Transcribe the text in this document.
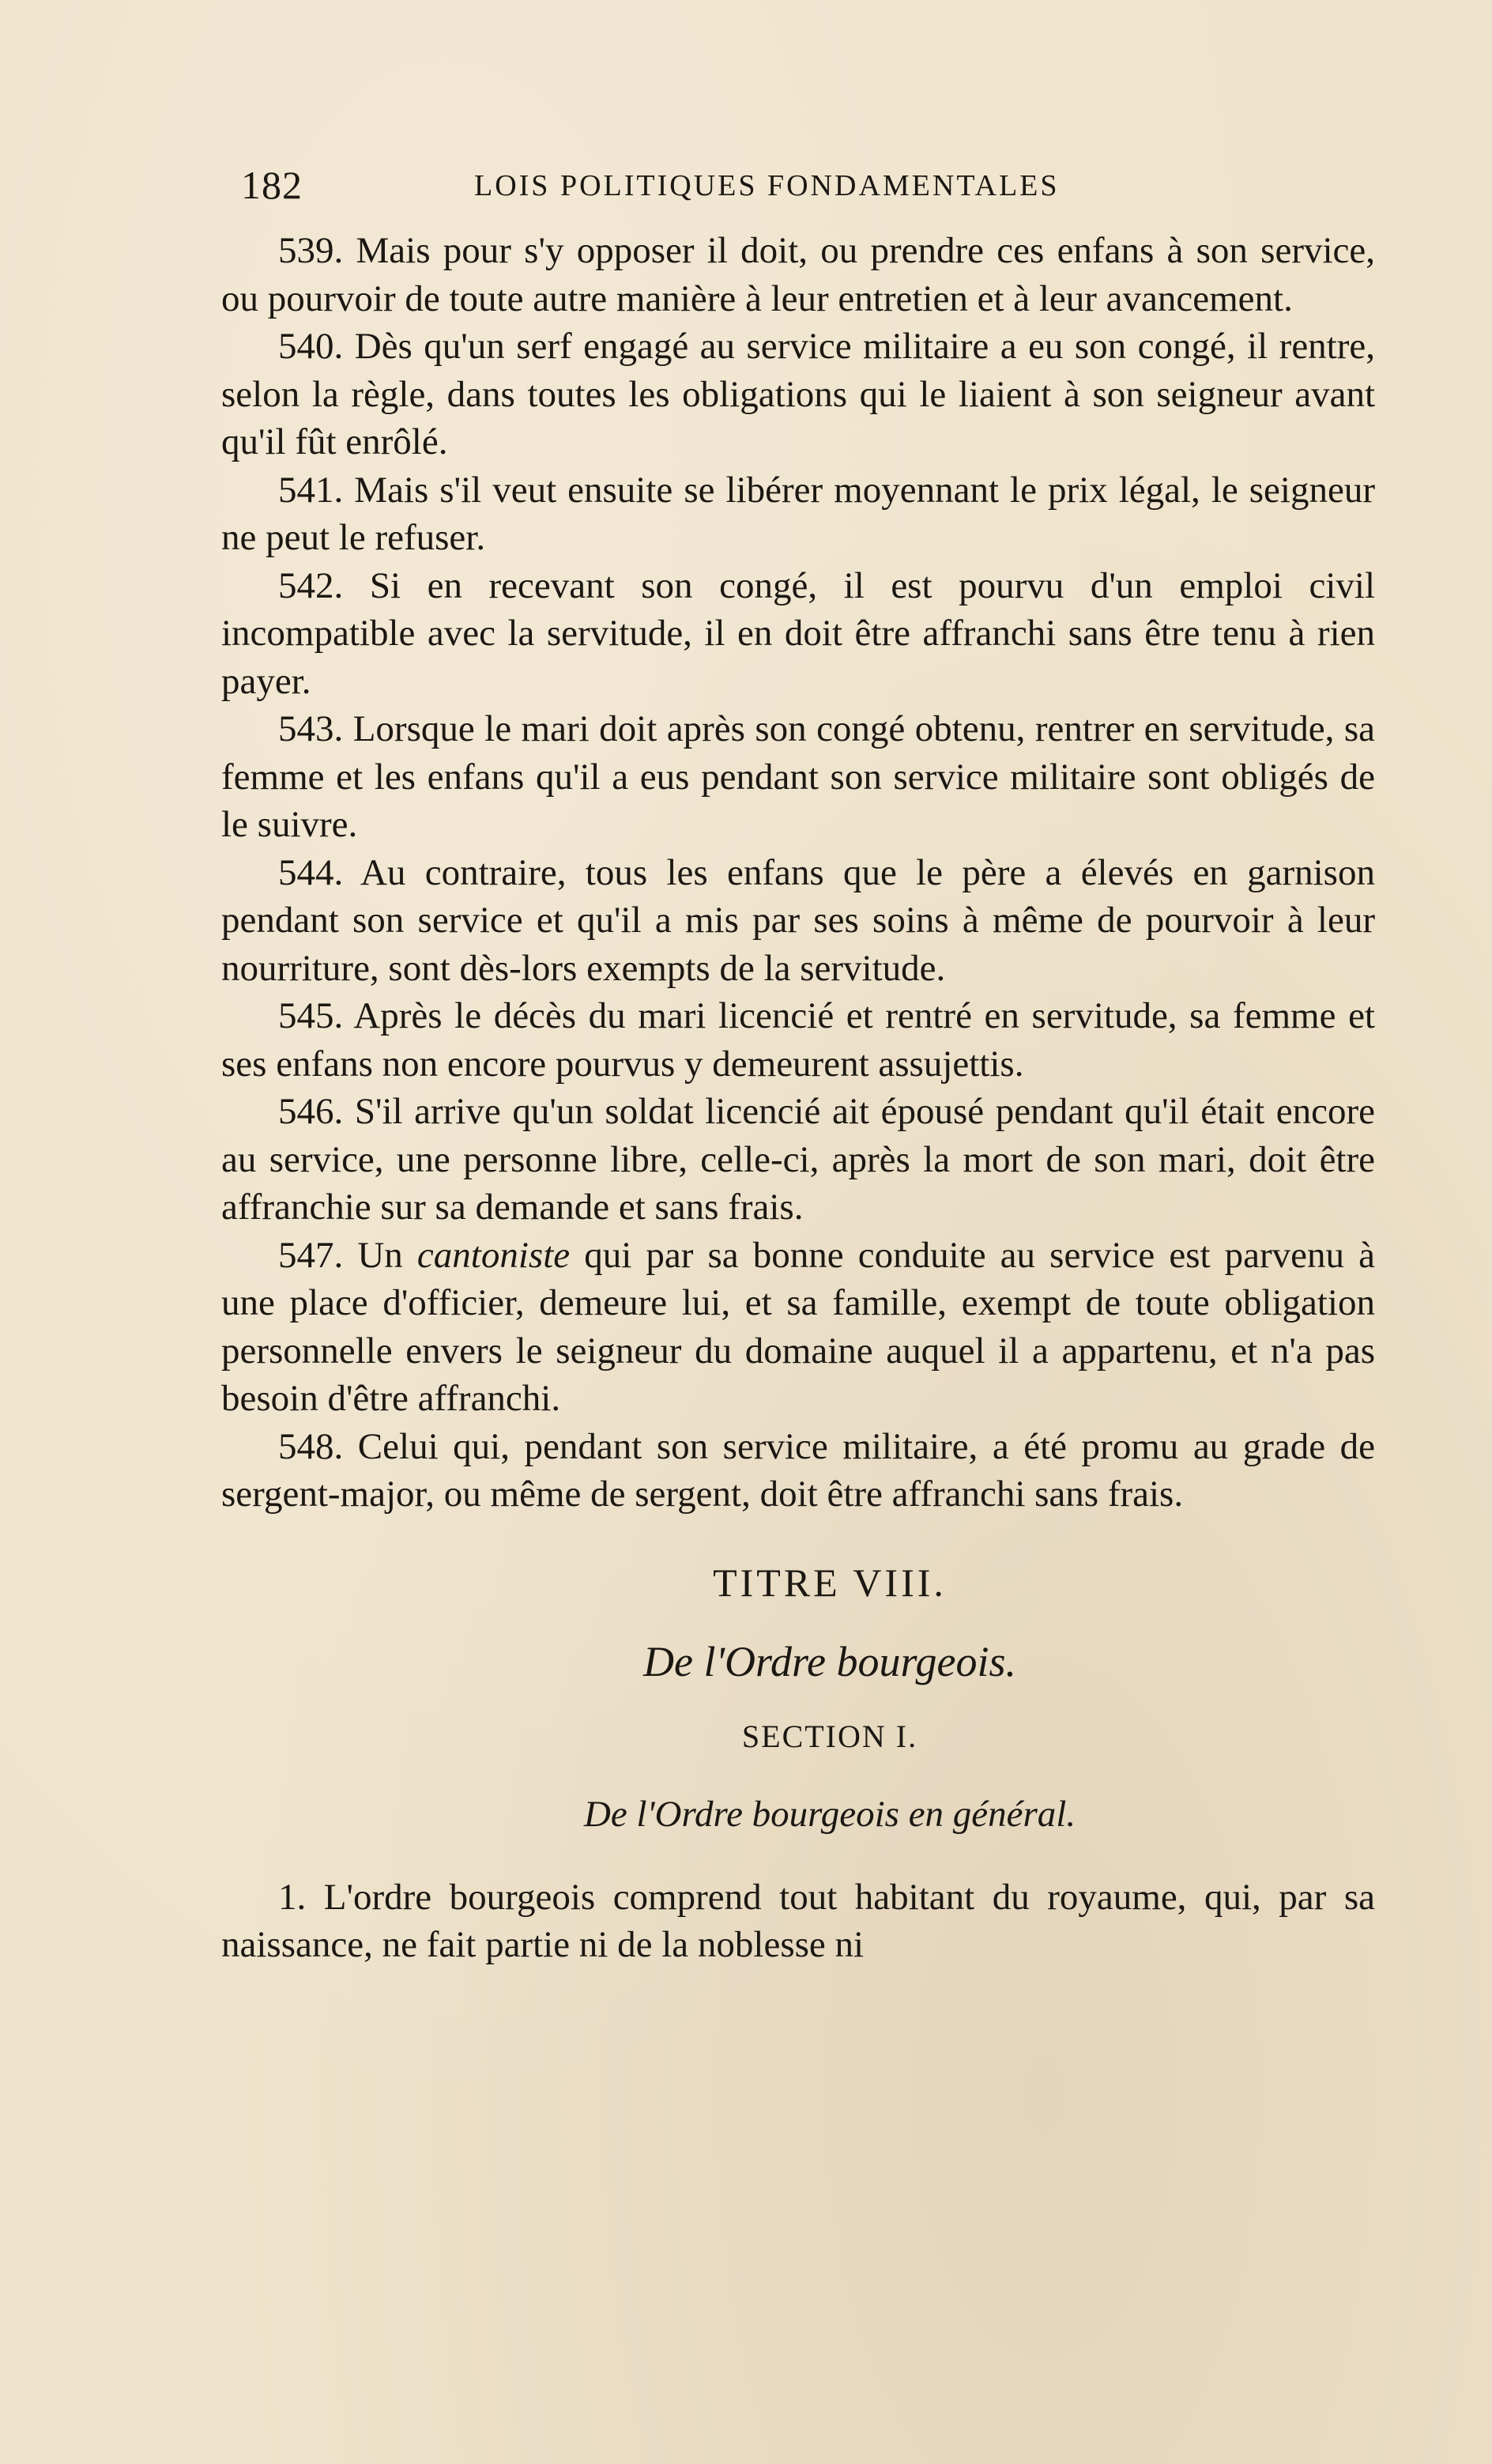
182	LOIS POLITIQUES FONDAMENTALES

539. Mais pour s'y opposer il doit, ou prendre ces enfans à son service, ou pourvoir de toute autre manière à leur entretien et à leur avancement.

540. Dès qu'un serf engagé au service militaire a eu son congé, il rentre, selon la règle, dans toutes les obligations qui le liaient à son seigneur avant qu'il fût enrôlé.

541. Mais s'il veut ensuite se libérer moyennant le prix légal, le seigneur ne peut le refuser.

542. Si en recevant son congé, il est pourvu d'un emploi civil incompatible avec la servitude, il en doit être affranchi sans être tenu à rien payer.

543. Lorsque le mari doit après son congé obtenu, rentrer en servitude, sa femme et les enfans qu'il a eus pendant son service militaire sont obligés de le suivre.

544. Au contraire, tous les enfans que le père a élevés en garnison pendant son service et qu'il a mis par ses soins à même de pourvoir à leur nourriture, sont dès-lors exempts de la servitude.

545. Après le décès du mari licencié et rentré en servitude, sa femme et ses enfans non encore pourvus y demeurent assujettis.

546. S'il arrive qu'un soldat licencié ait épousé pendant qu'il était encore au service, une personne libre, celle-ci, après la mort de son mari, doit être affranchie sur sa demande et sans frais.

547. Un cantoniste qui par sa bonne conduite au service est parvenu à une place d'officier, demeure lui, et sa famille, exempt de toute obligation personnelle envers le seigneur du domaine auquel il a appartenu, et n'a pas besoin d'être affranchi.

548. Celui qui, pendant son service militaire, a été promu au grade de sergent-major, ou même de sergent, doit être affranchi sans frais.

TITRE VIII.
De l'Ordre bourgeois.
SECTION I.
De l'Ordre bourgeois en général.

1. L'ordre bourgeois comprend tout habitant du royaume, qui, par sa naissance, ne fait partie ni de la noblesse ni
